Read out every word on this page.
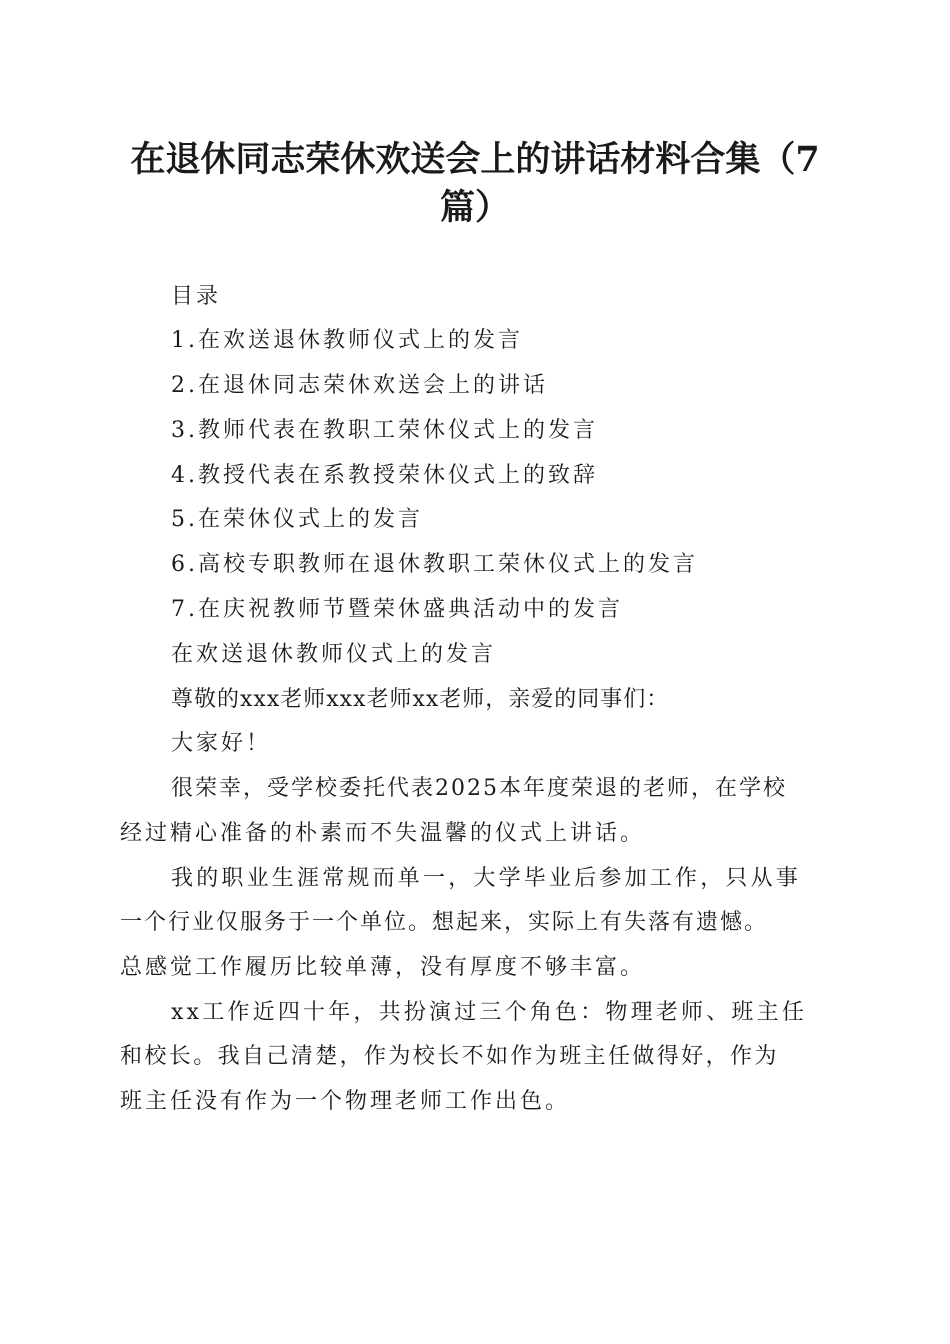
在退休同志荣休欢送会上的讲话材料合集（7
篇）
目录
1.在欢送退休教师仪式上的发言
2.在退休同志荣休欢送会上的讲话
3.教师代表在教职工荣休仪式上的发言
4.教授代表在系教授荣休仪式上的致辞
5.在荣休仪式上的发言
6.高校专职教师在退休教职工荣休仪式上的发言
7.在庆祝教师节暨荣休盛典活动中的发言
在欢送退休教师仪式上的发言
尊敬的xxx老师xxx老师xx老师，亲爱的同事们：
大家好！
很荣幸，受学校委托代表2025本年度荣退的老师，在学校
经过精心准备的朴素而不失温馨的仪式上讲话。
我的职业生涯常规而单一，大学毕业后参加工作，只从事
一个行业仅服务于一个单位。想起来，实际上有失落有遗憾。
总感觉工作履历比较单薄，没有厚度不够丰富。
xx工作近四十年，共扮演过三个角色：物理老师、班主任
和校长。我自己清楚，作为校长不如作为班主任做得好，作为
班主任没有作为一个物理老师工作出色。
